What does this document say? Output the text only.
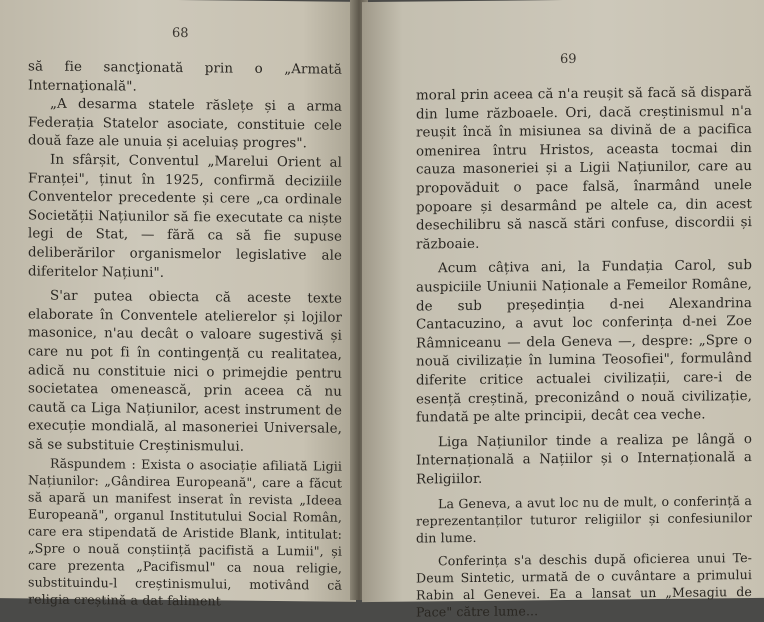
68

să fie sancţionată prin o „Armată Internaţională".

„A desarma statele răslețe și a arma Federația Statelor asociate, constituie cele două faze ale unuia și aceluiaș progres".

In sfârșit, Conventul „Marelui Orient al Franței", ținut în 1925, confirmă deciziile Conventelor precedente și cere „ca ordinale Societății Națiunilor să fie executate ca niște legi de Stat, — fără ca să fie supuse deliberărilor organismelor legislative ale diferitelor Națiuni".

S'ar putea obiecta că aceste texte elaborate în Conventele atelierelor și lojilor masonice, n'au decât o valoare sugestivă și care nu pot fi în contingență cu realitatea, adică nu constituie nici o primejdie pentru societatea omenească, prin aceea că nu caută ca Liga Națiunilor, acest instrument de execuție mondială, al masoneriei Universale, să se substituie Creștinismului.

Răspundem : Exista o asociație afiliată Ligii Națiunilor: „Gândirea Europeană", care a făcut să apară un manifest inserat în revista „Ideea Europeană", organul Institutului Social Român, care era stipendată de Aristide Blank, intitulat: „Spre o nouă conștiință pacifistă a Lumii", și care prezenta „Pacifismul" ca noua religie, substituindu-l creștinismului, motivând că religia creștină a dat faliment

69

moral prin aceea că n'a reușit să facă să dispară din lume războaele. Ori, dacă creștinismul n'a reușit încă în misiunea sa divină de a pacifica omenirea întru Hristos, aceasta tocmai din cauza masoneriei și a Ligii Națiunilor, care au propovăduit o pace falsă, înarmând unele popoare și desarmând pe altele ca, din acest desechilibru să nască stări confuse, discordii și războaie.

Acum câțiva ani, la Fundația Carol, sub auspiciile Uniunii Naționale a Femeilor Române, de sub președinția d-nei Alexandrina Cantacuzino, a avut loc conferința d-nei Zoe Râmniceanu — dela Geneva —, despre: „Spre o nouă civilizație în lumina Teosofiei", formulând diferite critice actualei civilizații, care-i de esență creștină, preconizând o nouă civilizație, fundată pe alte principii, decât cea veche.

Liga Națiunilor tinde a realiza pe lângă o Internațională a Națiilor și o Internațională a Religiilor.

La Geneva, a avut loc nu de mult, o conferință a reprezentanților tuturor religiilor și confesiunilor din lume.

Conferința s'a deschis după oficierea unui Te-Deum Sintetic, urmată de o cuvântare a primului Rabin al Genevei. Ea a lansat un „Mesagiu de Pace" către lume...
